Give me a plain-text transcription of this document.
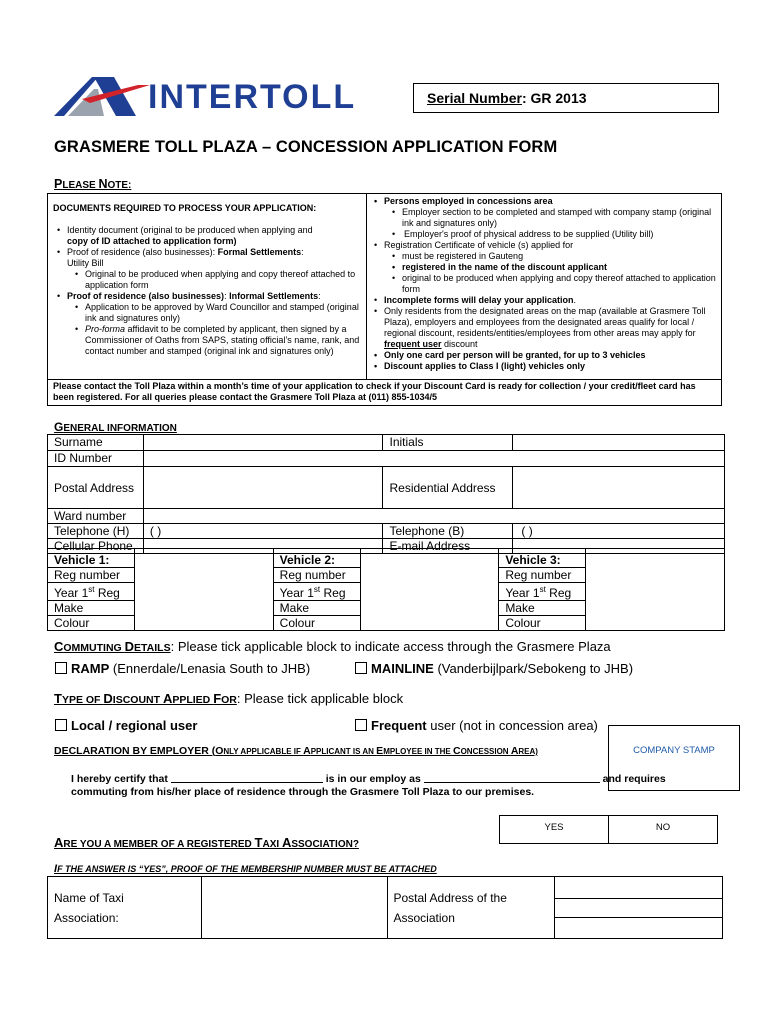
INTERTOLL	Serial Number: GR 2013
GRASMERE TOLL PLAZA – CONCESSION APPLICATION FORM
PLEASE NOTE:
DOCUMENTS REQUIRED TO PROCESS YOUR APPLICATION:
• Identity document (original to be produced when applying and
copy of ID attached to application form)
• Proof of residence (also businesses): Formal Settlements:
Utility Bill
• Original to be produced when applying and copy thereof attached to application form
• Proof of residence (also businesses): Informal Settlements:
• Application to be approved by Ward Councillor and stamped (original ink and signatures only)
• Pro-forma affidavit to be completed by applicant, then signed by a Commissioner of Oaths from SAPS, stating official’s name, rank, and contact number and stamped (original ink and signatures only)
• Persons employed in concessions area
• Employer section to be completed and stamped with company stamp (original ink and signatures only)
• Employer's proof of physical address to be supplied (Utility bill)
• Registration Certificate of vehicle (s) applied for
• must be registered in Gauteng
• registered in the name of the discount applicant
• original to be produced when applying and copy thereof attached to application form
• Incomplete forms will delay your application.
• Only residents from the designated areas on the map (available at Grasmere Toll Plaza), employers and employees from the designated areas qualify for local / regional discount, residents/entities/employees from other areas may apply for frequent user discount
• Only one card per person will be granted, for up to 3 vehicles
• Discount applies to Class I (light) vehicles only
Please contact the Toll Plaza within a month’s time of your application to check if your Discount Card is ready for collection / your credit/fleet card has been registered. For all queries please contact the Grasmere Toll Plaza at (011) 855-1034/5
GENERAL INFORMATION
Surname		Initials	
ID Number			
Postal Address		Residential Address	
Ward number			
Telephone (H)	( )	Telephone (B)	( )
Cellular Phone		E-mail Address	
Vehicle 1:		Vehicle 2:		Vehicle 3:	
Reg number		Reg number		Reg number	
Year 1st Reg		Year 1st Reg		Year 1st Reg	
Make		Make		Make	
Colour		Colour		Colour	
COMMUTING DETAILS: Please tick applicable block to indicate access through the Grasmere Plaza
RAMP (Ennerdale/Lenasia South to JHB)	MAINLINE (Vanderbijlpark/Sebokeng to JHB)
TYPE OF DISCOUNT APPLIED FOR: Please tick applicable block
Local / regional user	Frequent user (not in concession area)
DECLARATION BY EMPLOYER (ONLY APPLICABLE IF APPLICANT IS AN EMPLOYEE IN THE CONCESSION AREA)	COMPANY STAMP
I hereby certify that	is in our employ as	and requires
commuting from his/her place of residence through the Grasmere Toll Plaza to our premises.
YES	NO
ARE YOU A MEMBER OF A REGISTERED TAXI ASSOCIATION?
IF THE ANSWER IS “YES”, PROOF OF THE MEMBERSHIP NUMBER MUST BE ATTACHED
Name of Taxi
Association:		Postal Address of the
Association	
